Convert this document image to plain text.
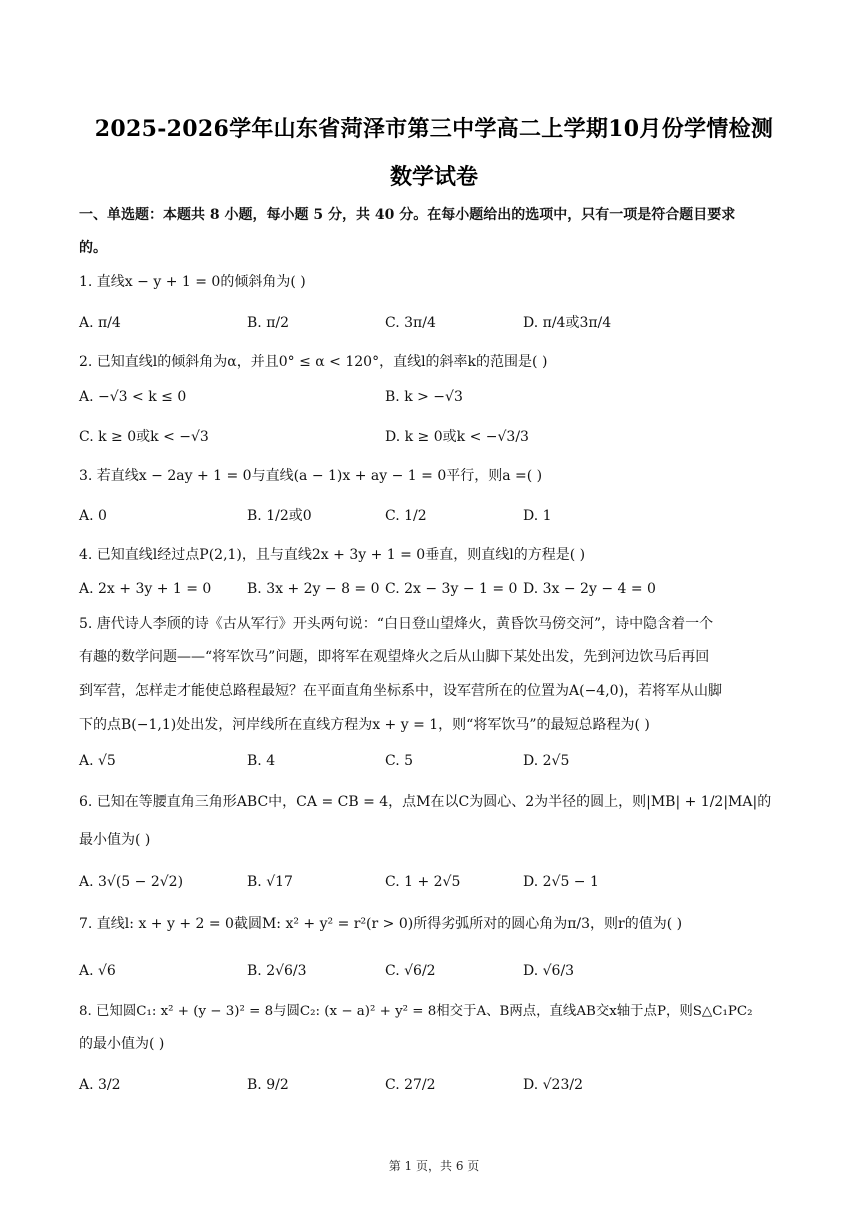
2025-2026学年山东省菏泽市第三中学高二上学期10月份学情检测
数学试卷
一、单选题：本题共 8 小题，每小题 5 分，共 40 分。在每小题给出的选项中，只有一项是符合题目要求
的。
1. 直线x − y + 1 = 0的倾斜角为( )
A. π/4	B. π/2	C. 3π/4	D. π/4或3π/4
2. 已知直线l的倾斜角为α，并且0° ≤ α < 120°，直线l的斜率k的范围是( )
A. −√3 < k ≤ 0	B. k > −√3
C. k ≥ 0或k < −√3	D. k ≥ 0或k < −√3/3
3. 若直线x − 2ay + 1 = 0与直线(a − 1)x + ay − 1 = 0平行，则a =( )
A. 0	B. 1/2或0	C. 1/2	D. 1
4. 已知直线l经过点P(2,1)，且与直线2x + 3y + 1 = 0垂直，则直线l的方程是( )
A. 2x + 3y + 1 = 0	B. 3x + 2y − 8 = 0 C. 2x − 3y − 1 = 0 D. 3x − 2y − 4 = 0
5. 唐代诗人李颀的诗《古从军行》开头两句说：“白日登山望烽火，黄昏饮马傍交河”，诗中隐含着一个
有趣的数学问题——“将军饮马”问题，即将军在观望烽火之后从山脚下某处出发，先到河边饮马后再回
到军营，怎样走才能使总路程最短？在平面直角坐标系中，设军营所在的位置为A(−4,0)，若将军从山脚
下的点B(−1,1)处出发，河岸线所在直线方程为x + y = 1，则“将军饮马”的最短总路程为( )
A. √5	B. 4	C. 5	D. 2√5
6. 已知在等腰直角三角形ABC中，CA = CB = 4，点M在以C为圆心、2为半径的圆上，则|MB| + 1/2|MA|的
最小值为( )
A. 3√(5 − 2√2)	B. √17	C. 1 + 2√5	D. 2√5 − 1
7. 直线l: x + y + 2 = 0截圆M: x² + y² = r²(r > 0)所得劣弧所对的圆心角为π/3，则r的值为( )
A. √6	B. 2√6/3	C. √6/2	D. √6/3
8. 已知圆C₁: x² + (y − 3)² = 8与圆C₂: (x − a)² + y² = 8相交于A、B两点，直线AB交x轴于点P，则S△C₁PC₂
的最小值为( )
A. 3/2	B. 9/2	C. 27/2	D. √23/2
第 1 页，共 6 页
